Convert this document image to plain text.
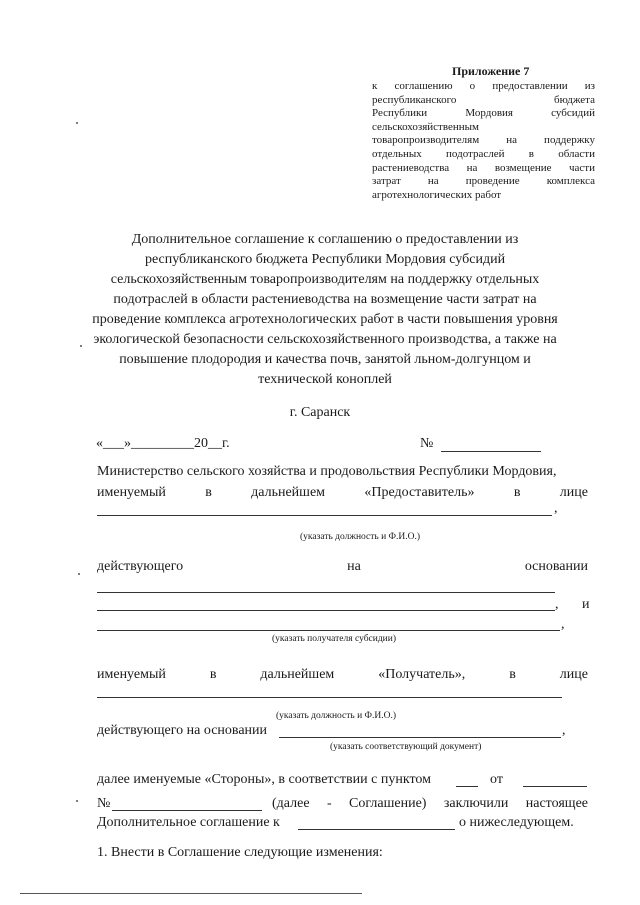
Приложение 7
к соглашению о предоставлении из
республиканского бюджета
Республики Мордовия субсидий
сельскохозяйственным
товаропроизводителям на поддержку
отдельных подотраслей в области
растениеводства на возмещение части
затрат на проведение комплекса
агротехнологических работ
Дополнительное соглашение к соглашению о предоставлении из
республиканского бюджета Республики Мордовия субсидий
сельскохозяйственным товаропроизводителям на поддержку отдельных
подотраслей в области растениеводства на возмещение части затрат на
проведение комплекса агротехнологических работ в части повышения уровня
экологической безопасности сельскохозяйственного производства, а также на
повышение плодородия и качества почв, занятой льном-долгунцом и
технической коноплей
г. Саранск
«___»_________20__г.	№
Министерство сельского хозяйства и продовольствия Республики Мордовия,
именуемый	в	дальнейшем	«Предоставитель»	в	лице
,
(указать должность и Ф.И.О.)
действующего	на	основании
, и
,
(указать получателя субсидии)
именуемый	в	дальнейшем	«Получатель»,	в	лице
(указать должность и Ф.И.О.)
действующего на основании	,
(указать соответствующий документ)
далее именуемые «Стороны», в соответствии с пунктом	от
№	(далее - Соглашение) заключили настоящее
Дополнительное соглашение к	о нижеследующем.
1. Внести в Соглашение следующие изменения:
